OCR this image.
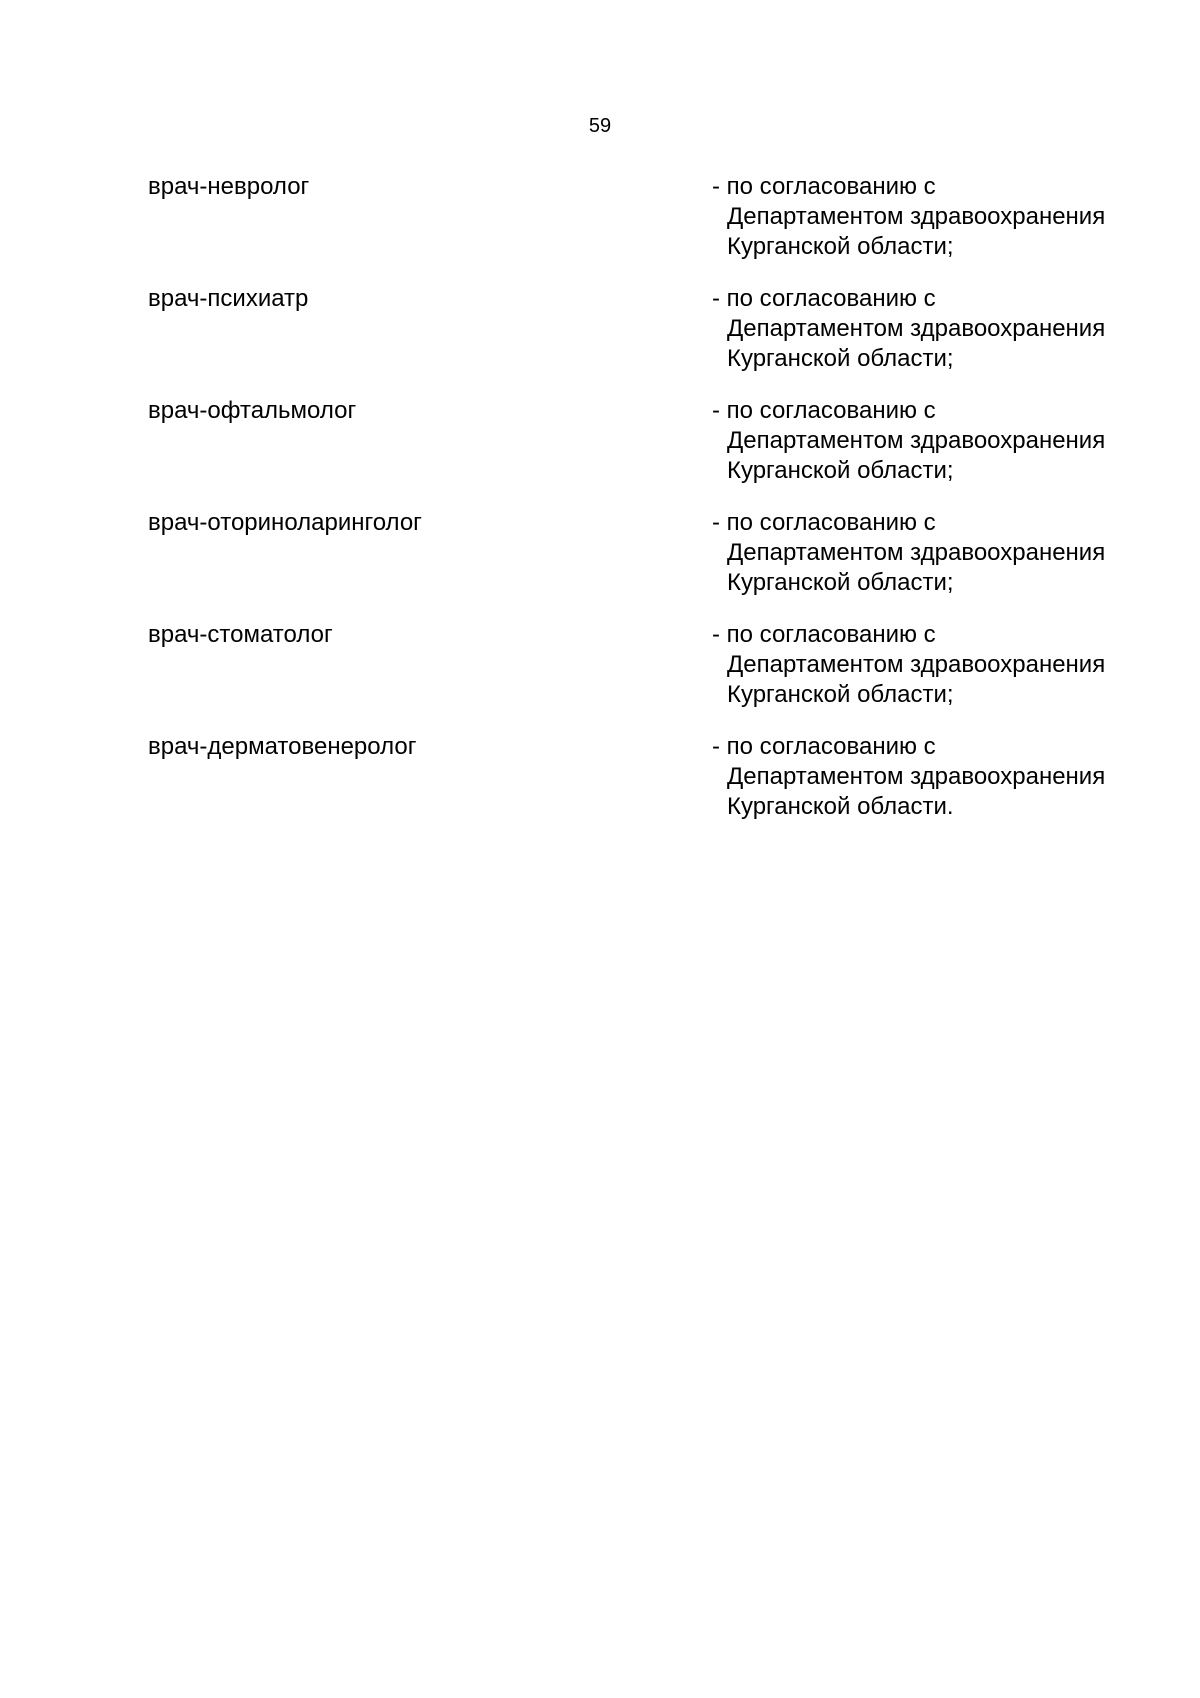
59
врач-невролог	- по согласованию с
Департаментом здравоохранения
Курганской области;
врач-психиатр	- по согласованию с
Департаментом здравоохранения
Курганской области;
врач-офтальмолог	- по согласованию с
Департаментом здравоохранения
Курганской области;
врач-оториноларинголог	- по согласованию с
Департаментом здравоохранения
Курганской области;
врач-стоматолог	- по согласованию с
Департаментом здравоохранения
Курганской области;
врач-дерматовенеролог	- по согласованию с
Департаментом здравоохранения
Курганской области.
